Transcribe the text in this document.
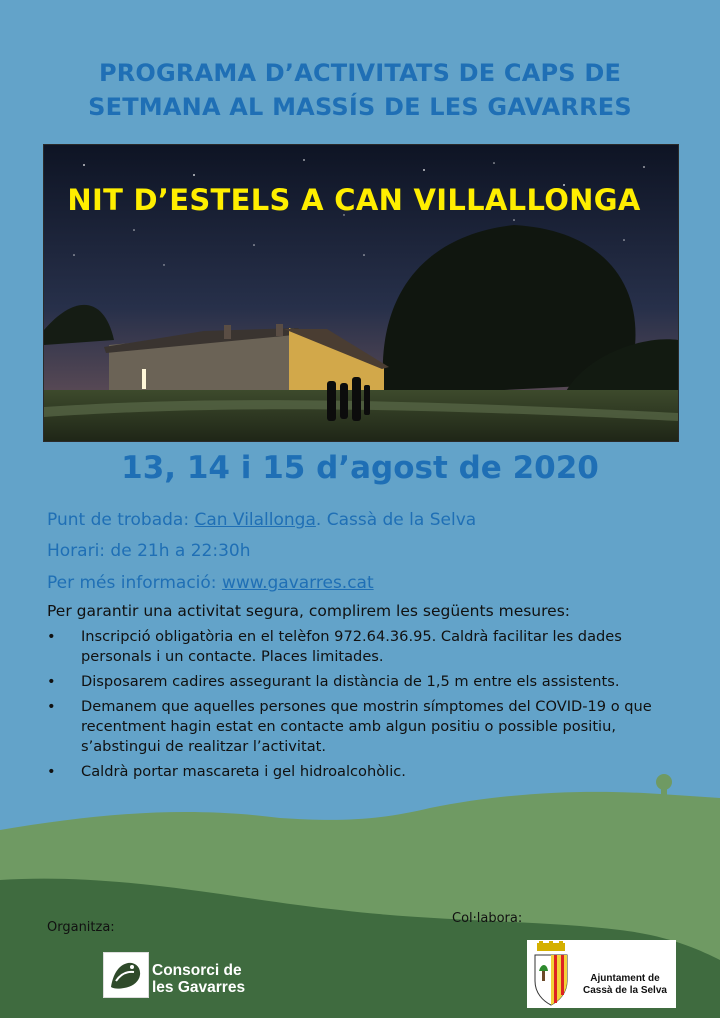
PROGRAMA D’ACTIVITATS DE CAPS DE
SETMANA AL MASSÍS DE LES GAVARRES
NIT D’ESTELS A CAN VILLALLONGA
13, 14 i 15 d’agost de 2020
Punt de trobada: Can Vilallonga. Cassà de la Selva
Horari: de 21h a 22:30h
Per més informació: www.gavarres.cat
Per garantir una activitat segura, complirem les següents mesures:
• Inscripció obligatòria en el telèfon 972.64.36.95. Caldrà facilitar les dades personals i un contacte. Places limitades.
• Disposarem cadires assegurant la distància de 1,5 m entre els assistents.
• Demanem que aquelles persones que mostrin símptomes del COVID-19 o que recentment hagin estat en contacte amb algun positiu o possible positiu, s’abstingui de realitzar l’activitat.
• Caldrà portar mascareta i gel hidroalcohòlic.
Organitza:
Consorci de
les Gavarres
Col·labora:
Ajuntament de
Cassà de la Selva
